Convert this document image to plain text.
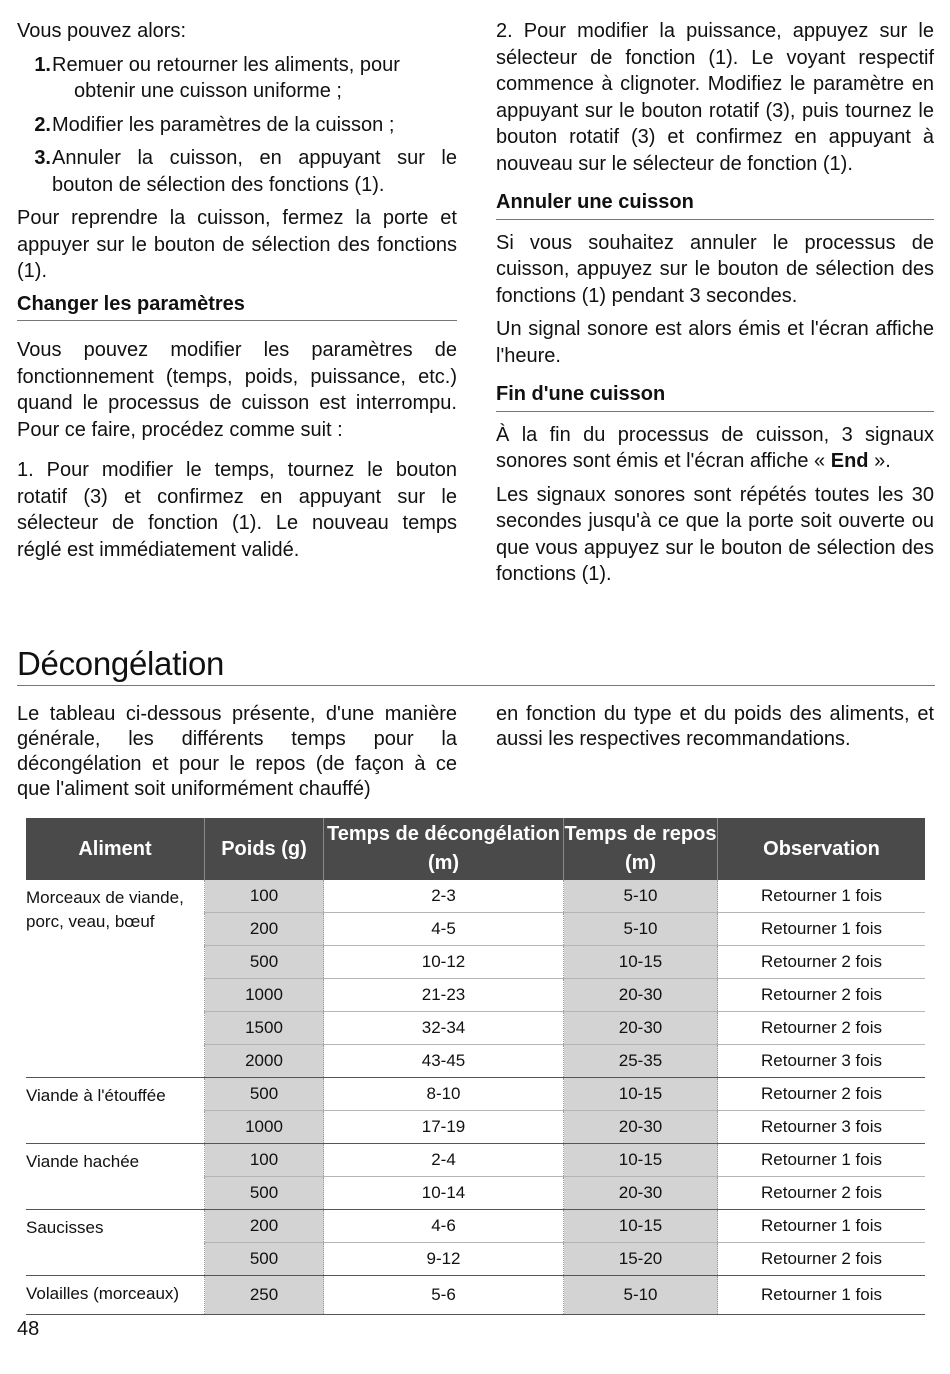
Vous pouvez alors:

1. Remuer ou retourner les aliments, pour
obtenir une cuisson uniforme ;
2. Modifier les paramètres de la cuisson ;
3. Annuler la cuisson, en appuyant sur le bouton de sélection des fonctions (1).

Pour reprendre la cuisson, fermez la porte et appuyer sur le bouton de sélection des fonctions (1).

Changer les paramètres

Vous pouvez modifier les paramètres de fonctionnement (temps, poids, puissance, etc.) quand le processus de cuisson est interrompu. Pour ce faire, procédez comme suit :

1. Pour modifier le temps, tournez le bouton rotatif (3) et confirmez en appuyant sur le sélecteur de fonction (1). Le nouveau temps réglé est immédiatement validé.

2. Pour modifier la puissance, appuyez sur le sélecteur de fonction (1). Le voyant respectif commence à clignoter. Modifiez le paramètre en appuyant sur le bouton rotatif (3), puis tournez le bouton rotatif (3) et confirmez en appuyant à nouveau sur le sélecteur de fonction (1).

Annuler une cuisson

Si vous souhaitez annuler le processus de cuisson, appuyez sur le bouton de sélection des fonctions (1) pendant 3 secondes.

Un signal sonore est alors émis et l'écran affiche l'heure.

Fin d'une cuisson

À la fin du processus de cuisson, 3 signaux sonores sont émis et l'écran affiche « End ».

Les signaux sonores sont répétés toutes les 30 secondes jusqu'à ce que la porte soit ouverte ou que vous appuyez sur le bouton de sélection des fonctions (1).

Décongélation

Le tableau ci-dessous présente, d'une manière générale, les différents temps pour la décongélation et pour le repos (de façon à ce que l'aliment soit uniformément chauffé)

en fonction du type et du poids des aliments, et aussi les respectives recommandations.

Aliment	Poids (g)	Temps de décongélation (m)	Temps de repos (m)	Observation
Morceaux de viande, porc, veau, bœuf	100	2-3	5-10	Retourner 1 fois
	200	4-5	5-10	Retourner 1 fois
	500	10-12	10-15	Retourner 2 fois
	1000	21-23	20-30	Retourner 2 fois
	1500	32-34	20-30	Retourner 2 fois
	2000	43-45	25-35	Retourner 3 fois
Viande à l'étouffée	500	8-10	10-15	Retourner 2 fois
	1000	17-19	20-30	Retourner 3 fois
Viande hachée	100	2-4	10-15	Retourner 1 fois
	500	10-14	20-30	Retourner 2 fois
Saucisses	200	4-6	10-15	Retourner 1 fois
	500	9-12	15-20	Retourner 2 fois
Volailles (morceaux)	250	5-6	5-10	Retourner 1 fois
48
